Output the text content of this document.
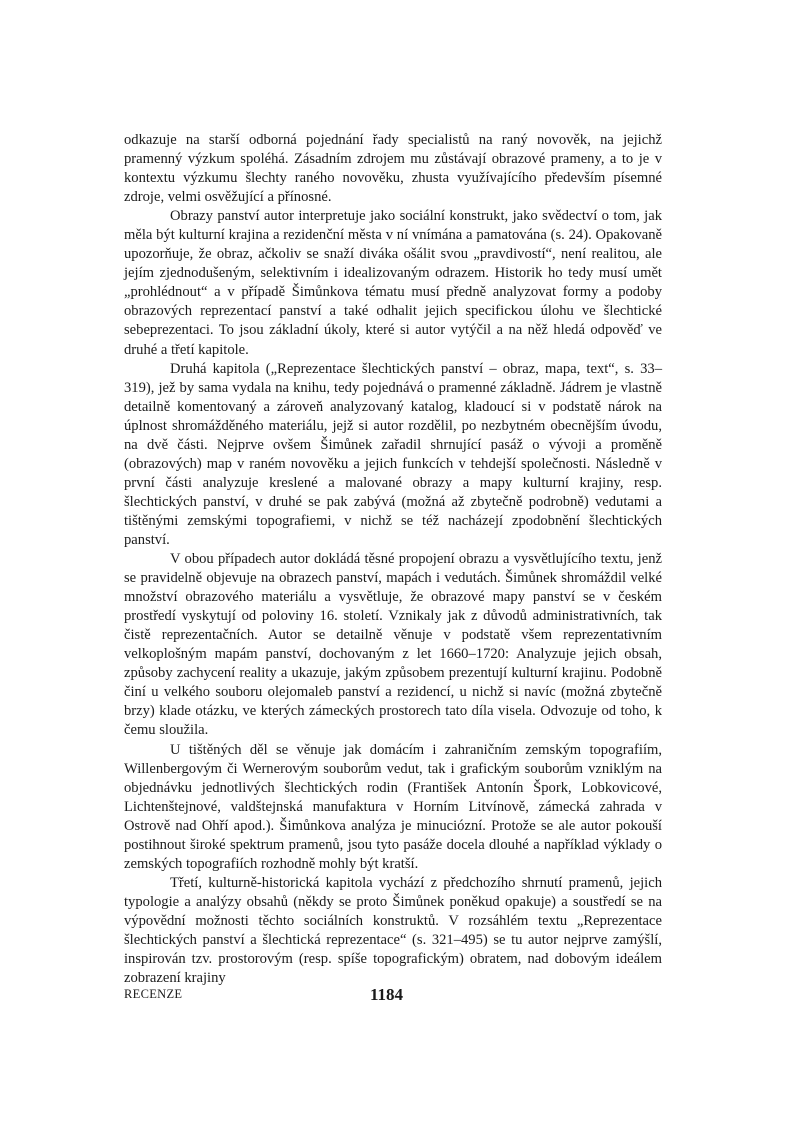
odkazuje na starší odborná pojednání řady specialistů na raný novověk, na jejichž pramenný výzkum spoléhá. Zásadním zdrojem mu zůstávají obrazové prameny, a to je v kontextu výzkumu šlechty raného novověku, zhusta využívajícího především písemné zdroje, velmi osvěžující a přínosné.

Obrazy panství autor interpretuje jako sociální konstrukt, jako svědectví o tom, jak měla být kulturní krajina a rezidenční města v ní vnímána a pamatována (s. 24). Opakovaně upozorňuje, že obraz, ačkoliv se snaží diváka ošálit svou „pravdivostí“, není realitou, ale jejím zjednodušeným, selektivním i idealizovaným odrazem. Historik ho tedy musí umět „prohlédnout“ a v případě Šimůnkova tématu musí předně analyzovat formy a podoby obrazových reprezentací panství a také odhalit jejich specifickou úlohu ve šlechtické sebeprezentaci. To jsou základní úkoly, které si autor vytýčil a na něž hledá odpověď ve druhé a třetí kapitole.

Druhá kapitola („Reprezentace šlechtických panství – obraz, mapa, text“, s. 33–319), jež by sama vydala na knihu, tedy pojednává o pramenné základně. Jádrem je vlastně detailně komentovaný a zároveň analyzovaný katalog, kladoucí si v podstatě nárok na úplnost shromážděného materiálu, jejž si autor rozdělil, po nezbytném obecnějším úvodu, na dvě části. Nejprve ovšem Šimůnek zařadil shrnující pasáž o vývoji a proměně (obrazových) map v raném novověku a jejich funkcích v tehdejší společnosti. Následně v první části analyzuje kreslené a malované obrazy a mapy kulturní krajiny, resp. šlechtických panství, v druhé se pak zabývá (možná až zbytečně podrobně) vedutami a tištěnými zemskými topografiemi, v nichž se též nacházejí zpodobnění šlechtických panství.

V obou případech autor dokládá těsné propojení obrazu a vysvětlujícího textu, jenž se pravidelně objevuje na obrazech panství, mapách i vedutách. Šimůnek shromáždil velké množství obrazového materiálu a vysvětluje, že obrazové mapy panství se v českém prostředí vyskytují od poloviny 16. století. Vznikaly jak z důvodů administrativních, tak čistě reprezentačních. Autor se detailně věnuje v podstatě všem reprezentativním velkoplošným mapám panství, dochovaným z let 1660–1720: Analyzuje jejich obsah, způsoby zachycení reality a ukazuje, jakým způsobem prezentují kulturní krajinu. Podobně činí u velkého souboru olejomaleb panství a rezidencí, u nichž si navíc (možná zbytečně brzy) klade otázku, ve kterých zámeckých prostorech tato díla visela. Odvozuje od toho, k čemu sloužila.

U tištěných děl se věnuje jak domácím i zahraničním zemským topografiím, Willenbergovým či Wernerovým souborům vedut, tak i grafickým souborům vzniklým na objednávku jednotlivých šlechtických rodin (František Antonín Špork, Lobkovicové, Lichtenštejnové, valdštejnská manufaktura v Horním Litvínově, zámecká zahrada v Ostrově nad Ohří apod.). Šimůnkova analýza je minuciózní. Protože se ale autor pokouší postihnout široké spektrum pramenů, jsou tyto pasáže docela dlouhé a například výklady o zemských topografiích rozhodně mohly být kratší.

Třetí, kulturně-historická kapitola vychází z předchozího shrnutí pramenů, jejich typologie a analýzy obsahů (někdy se proto Šimůnek poněkud opakuje) a soustředí se na výpovědní možnosti těchto sociálních konstruktů. V rozsáhlém textu „Reprezentace šlechtických panství a šlechtická reprezentace“ (s. 321–495) se tu autor nejprve zamýšlí, inspirován tzv. prostorovým (resp. spíše topografickým) obratem, nad dobovým ideálem zobrazení krajiny

RECENZE	1184
